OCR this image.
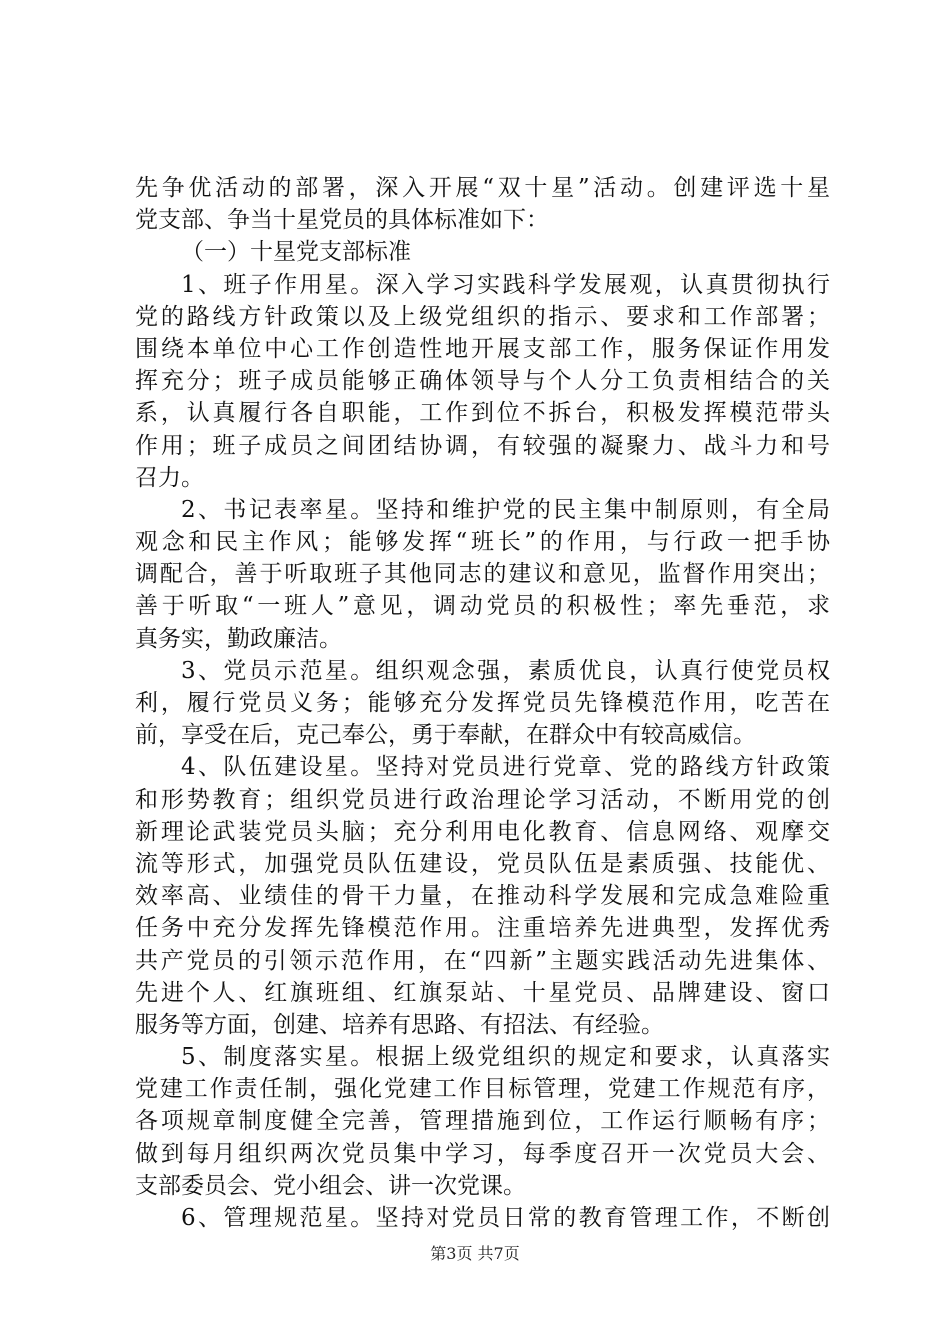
先争优活动的部署，深入开展“双十星”活动。创建评选十星
党支部、争当十星党员的具体标准如下：
（一）十星党支部标准
1、班子作用星。深入学习实践科学发展观，认真贯彻执行
党的路线方针政策以及上级党组织的指示、要求和工作部署；
围绕本单位中心工作创造性地开展支部工作，服务保证作用发
挥充分；班子成员能够正确体领导与个人分工负责相结合的关
系，认真履行各自职能，工作到位不拆台，积极发挥模范带头
作用；班子成员之间团结协调，有较强的凝聚力、战斗力和号
召力。
2、书记表率星。坚持和维护党的民主集中制原则，有全局
观念和民主作风；能够发挥“班长”的作用，与行政一把手协
调配合，善于听取班子其他同志的建议和意见，监督作用突出；
善于听取“一班人”意见，调动党员的积极性；率先垂范，求
真务实，勤政廉洁。
3、党员示范星。组织观念强，素质优良，认真行使党员权
利，履行党员义务；能够充分发挥党员先锋模范作用，吃苦在
前，享受在后，克己奉公，勇于奉献，在群众中有较高威信。
4、队伍建设星。坚持对党员进行党章、党的路线方针政策
和形势教育；组织党员进行政治理论学习活动，不断用党的创
新理论武装党员头脑；充分利用电化教育、信息网络、观摩交
流等形式，加强党员队伍建设，党员队伍是素质强、技能优、
效率高、业绩佳的骨干力量，在推动科学发展和完成急难险重
任务中充分发挥先锋模范作用。注重培养先进典型，发挥优秀
共产党员的引领示范作用，在“四新”主题实践活动先进集体、
先进个人、红旗班组、红旗泵站、十星党员、品牌建设、窗口
服务等方面，创建、培养有思路、有招法、有经验。
5、制度落实星。根据上级党组织的规定和要求，认真落实
党建工作责任制，强化党建工作目标管理，党建工作规范有序，
各项规章制度健全完善，管理措施到位，工作运行顺畅有序；
做到每月组织两次党员集中学习，每季度召开一次党员大会、
支部委员会、党小组会、讲一次党课。
6、管理规范星。坚持对党员日常的教育管理工作，不断创
第3页 共7页
